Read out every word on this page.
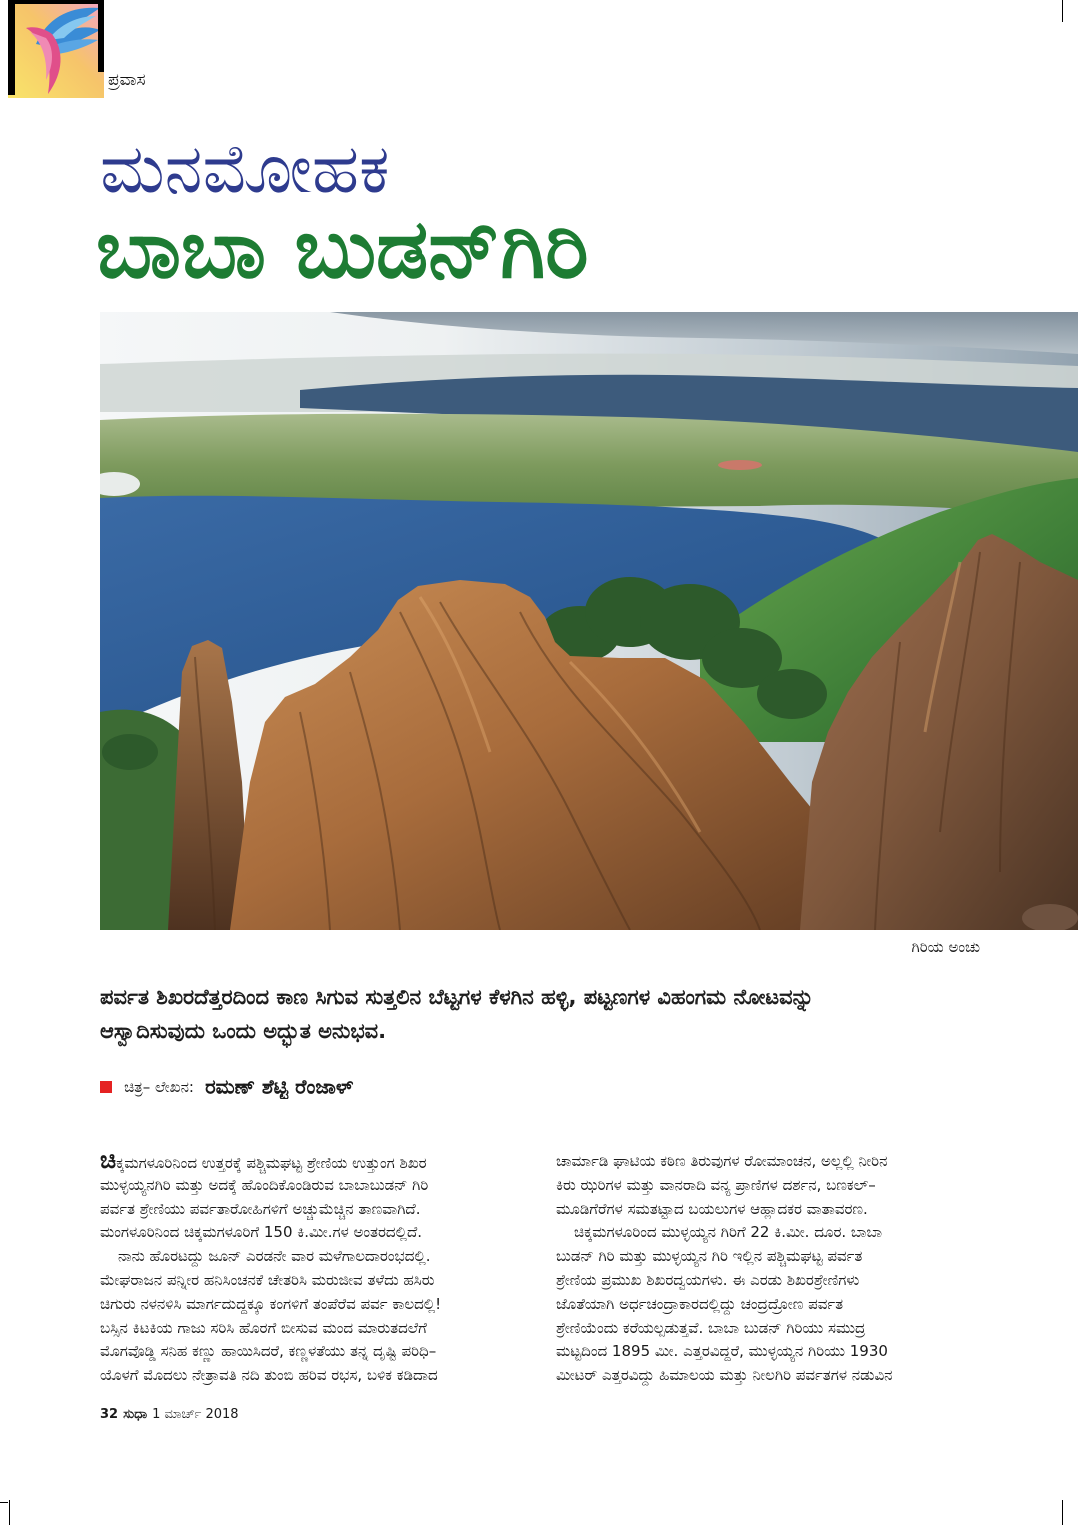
ಪ್ರವಾಸ
ಮನಮೋಹಕ
ಬಾಬಾ ಬುಡನ್‌ಗಿರಿ
ಗಿರಿಯ ಅಂಚು
ಪರ್ವತ ಶಿಖರದೆತ್ತರದಿಂದ ಕಾಣ ಸಿಗುವ ಸುತ್ತಲಿನ ಬೆಟ್ಟಗಳ ಕೆಳಗಿನ ಹಳ್ಳಿ, ಪಟ್ಟಣಗಳ ವಿಹಂಗಮ ನೋಟವನ್ನು
ಆಸ್ವಾದಿಸುವುದು ಒಂದು ಅದ್ಭುತ ಅನುಭವ.
ಚಿತ್ರ– ಲೇಖನ: ರಮಣ್ ಶೆಟ್ಟಿ ರೆಂಜಾಳ್
ಚಿಕ್ಕಮಗಳೂರಿನಿಂದ ಉತ್ತರಕ್ಕೆ ಪಶ್ಚಿಮಘಟ್ಟ ಶ್ರೇಣಿಯ ಉತ್ತುಂಗ ಶಿಖರ
ಮುಳ್ಳಯ್ಯನಗಿರಿ ಮತ್ತು ಅದಕ್ಕೆ ಹೊಂದಿಕೊಂಡಿರುವ ಬಾಬಾಬುಡನ್ ಗಿರಿ
ಪರ್ವತ ಶ್ರೇಣಿಯು ಪರ್ವತಾರೋಹಿಗಳಿಗೆ ಅಚ್ಚುಮೆಚ್ಚಿನ ತಾಣವಾಗಿದೆ.
ಮಂಗಳೂರಿನಿಂದ ಚಿಕ್ಕಮಗಳೂರಿಗೆ 150 ಕಿ.ಮೀ.ಗಳ ಅಂತರದಲ್ಲಿದೆ.
ನಾನು ಹೊರಟದ್ದು ಜೂನ್ ಎರಡನೇ ವಾರ ಮಳೆಗಾಲದಾರಂಭದಲ್ಲಿ.
ಮೇಘರಾಜನ ಪನ್ನೀರ ಹನಿಸಿಂಚನಕೆ ಚೇತರಿಸಿ ಮರುಜೀವ ತಳೆದು ಹಸಿರು
ಚಿಗುರು ನಳನಳಿಸಿ ಮಾರ್ಗದುದ್ದಕ್ಕೂ ಕಂಗಳಿಗೆ ತಂಪೆರೆವ ಪರ್ವ ಕಾಲದಲ್ಲಿ!
ಬಸ್ಸಿನ ಕಿಟಕಿಯ ಗಾಜು ಸರಿಸಿ ಹೊರಗೆ ಬೀಸುವ ಮಂದ ಮಾರುತದಲೆಗೆ
ಮೊಗವೊಡ್ಡಿ ಸನಿಹ ಕಣ್ಣು ಹಾಯಿಸಿದರೆ, ಕಣ್ಣಳತೆಯು ತನ್ನ ದೃಷ್ಟಿ ಪರಿಧಿ–
ಯೊಳಗೆ ಮೊದಲು ನೇತ್ರಾವತಿ ನದಿ ತುಂಬಿ ಹರಿವ ರಭಸ, ಬಳಿಕ ಕಡಿದಾದ
ಚಾರ್ಮಾಡಿ ಘಾಟಿಯ ಕಠಿಣ ತಿರುವುಗಳ ರೋಮಾಂಚನ, ಅಲ್ಲಲ್ಲಿ ನೀರಿನ
ಕಿರು ಝರಿಗಳ ಮತ್ತು ವಾನರಾದಿ ವನ್ಯ ಪ್ರಾಣಿಗಳ ದರ್ಶನ, ಬಣಕಲ್–
ಮೂಡಿಗೆರೆಗಳ ಸಮತಟ್ಟಾದ ಬಯಲುಗಳ ಆಹ್ಲಾದಕರ ವಾತಾವರಣ.
ಚಿಕ್ಕಮಗಳೂರಿಂದ ಮುಳ್ಳಯ್ಯನ ಗಿರಿಗೆ 22 ಕಿ.ಮೀ. ದೂರ. ಬಾಬಾ
ಬುಡನ್ ಗಿರಿ ಮತ್ತು ಮುಳ್ಳಯ್ಯನ ಗಿರಿ ಇಲ್ಲಿನ ಪಶ್ಚಿಮಘಟ್ಟ ಪರ್ವತ
ಶ್ರೇಣಿಯ ಪ್ರಮುಖ ಶಿಖರದ್ವಯಗಳು. ಈ ಎರಡು ಶಿಖರಶ್ರೇಣಿಗಳು
ಜೊತೆಯಾಗಿ ಅರ್ಧಚಂದ್ರಾಕಾರದಲ್ಲಿದ್ದು ಚಂದ್ರದ್ರೋಣ ಪರ್ವತ
ಶ್ರೇಣಿಯೆಂದು ಕರೆಯಲ್ಪಡುತ್ತವೆ. ಬಾಬಾ ಬುಡನ್ ಗಿರಿಯು ಸಮುದ್ರ
ಮಟ್ಟದಿಂದ 1895 ಮೀ. ಎತ್ತರವಿದ್ದರೆ, ಮುಳ್ಳಯ್ಯನ ಗಿರಿಯು 1930
ಮೀಟರ್ ಎತ್ತರವಿದ್ದು ಹಿಮಾಲಯ ಮತ್ತು ನೀಲಗಿರಿ ಪರ್ವತಗಳ ನಡುವಿನ
32 ಸುಧಾ 1 ಮಾರ್ಚ್ 2018
